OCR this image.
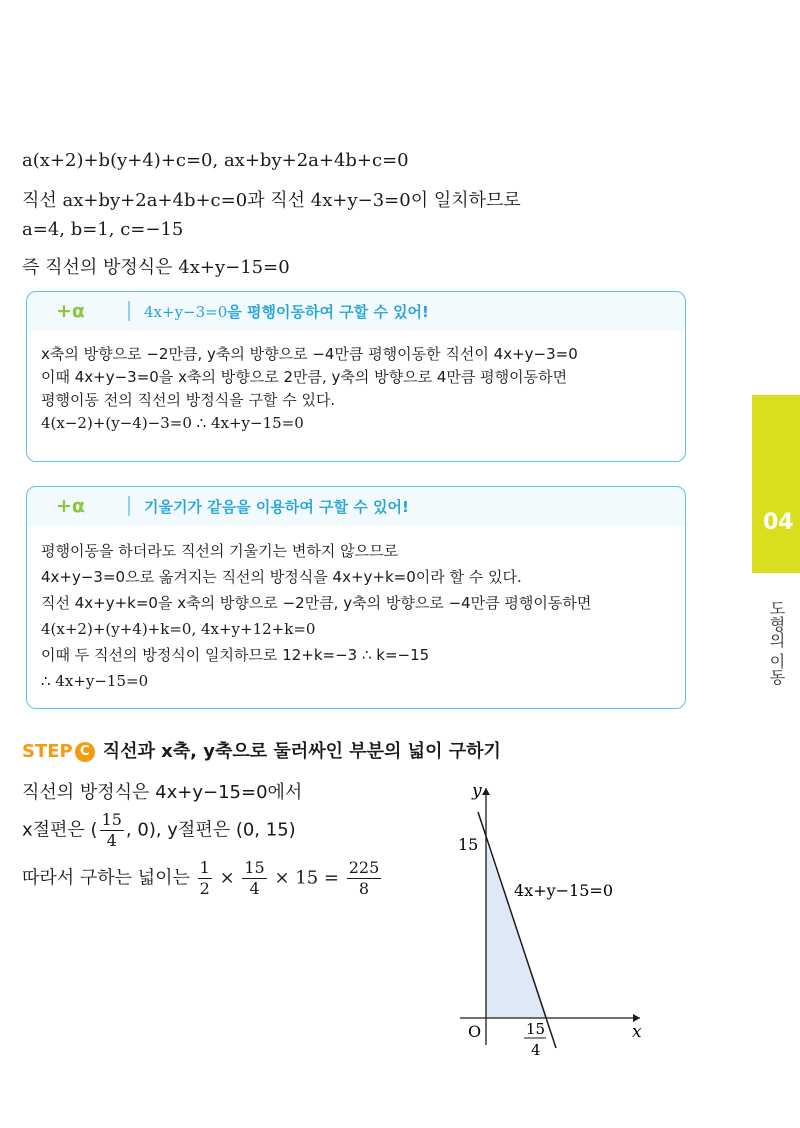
a(x+2)+b(y+4)+c=0, ax+by+2a+4b+c=0
직선 ax+by+2a+4b+c=0과 직선 4x+y−3=0이 일치하므로
a=4, b=1, c=−15
즉 직선의 방정식은 4x+y−15=0
+α	4x+y−3=0을 평행이동하여 구할 수 있어!
x축의 방향으로 −2만큼, y축의 방향으로 −4만큼 평행이동한 직선이 4x+y−3=0
이때 4x+y−3=0을 x축의 방향으로 2만큼, y축의 방향으로 4만큼 평행이동하면
평행이동 전의 직선의 방정식을 구할 수 있다.
4(x−2)+(y−4)−3=0 ∴ 4x+y−15=0
+α	기울기가 같음을 이용하여 구할 수 있어!
평행이동을 하더라도 직선의 기울기는 변하지 않으므로
4x+y−3=0으로 옮겨지는 직선의 방정식을 4x+y+k=0이라 할 수 있다.
직선 4x+y+k=0을 x축의 방향으로 −2만큼, y축의 방향으로 −4만큼 평행이동하면
4(x+2)+(y+4)+k=0, 4x+y+12+k=0
이때 두 직선의 방정식이 일치하므로 12+k=−3 ∴ k=−15
∴ 4x+y−15=0
STEP C 직선과 x축, y축으로 둘러싸인 부분의 넓이 구하기
직선의 방정식은 4x+y−15=0에서
x절편은 ( $\frac{15}{4}$ , 0), y절편은 (0, 15)
따라서 구하는 넓이는 $\frac{1}{2} \times \frac{15}{4} \times 15 = \frac{225}{8}$
y
x
O
15
15
4
4x+y−15=0
04
도형의 이동
